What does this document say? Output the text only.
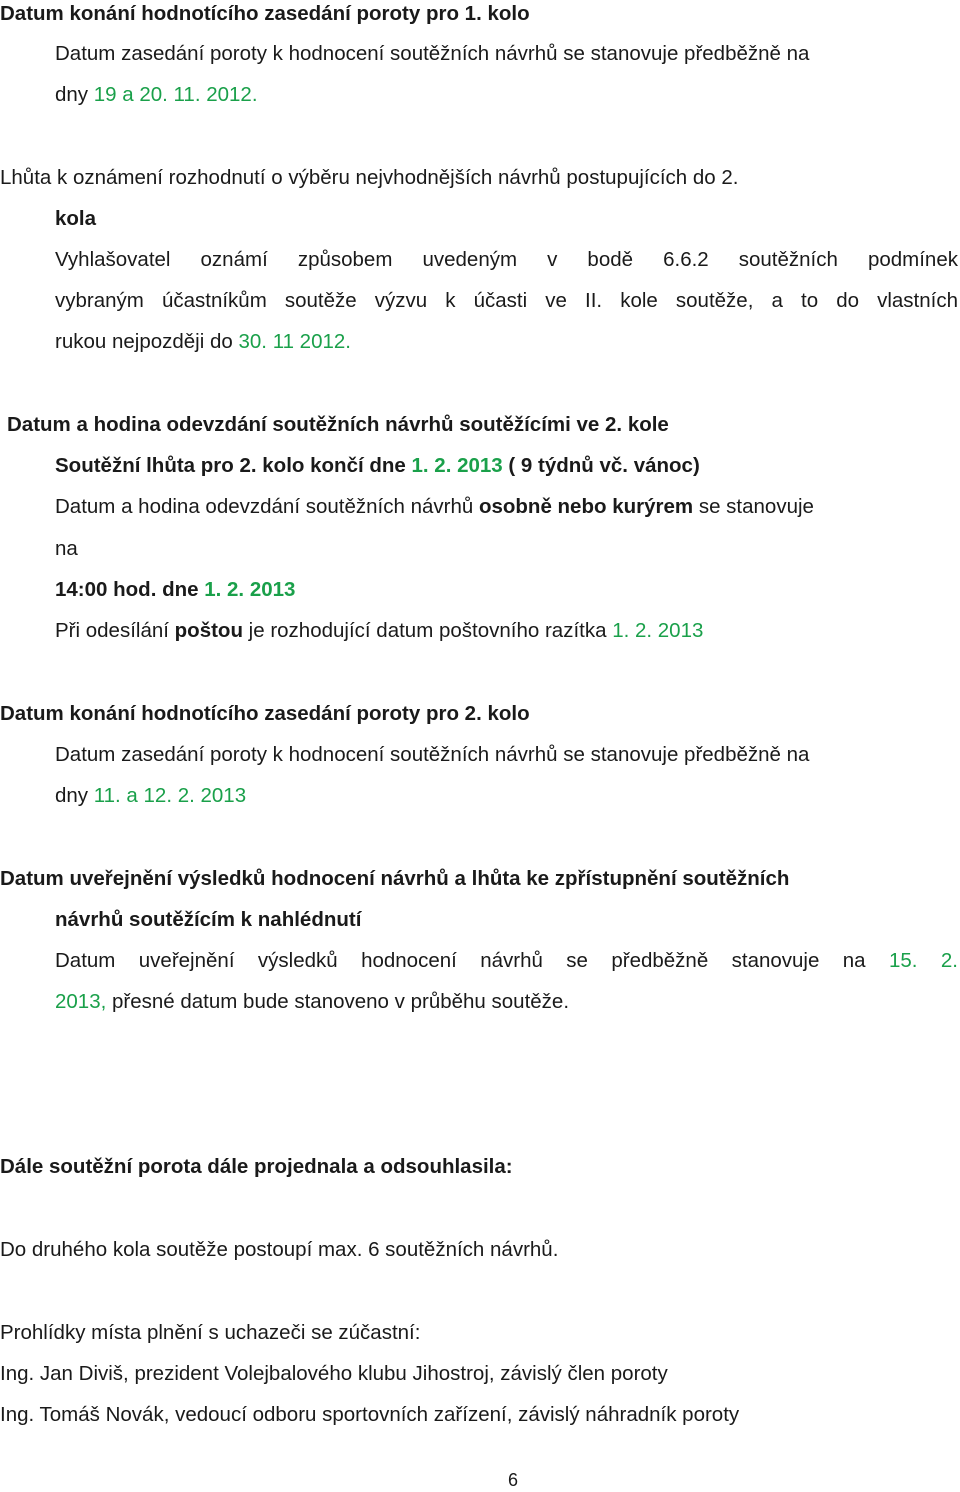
Datum konání hodnotícího zasedání poroty pro 1. kolo
Datum zasedání poroty k hodnocení soutěžních návrhů se stanovuje předběžně na
dny 19 a 20. 11. 2012.
Lhůta k oznámení rozhodnutí o výběru nejvhodnějších návrhů postupujících do 2.
kola
Vyhlašovatel oznámí způsobem uvedeným v bodě 6.6.2 soutěžních podmínek
vybraným účastníkům soutěže výzvu k účasti ve II. kole soutěže, a to do vlastních
rukou nejpozději do 30. 11 2012.
Datum a hodina odevzdání soutěžních návrhů soutěžícími ve 2. kole
Soutěžní lhůta pro 2. kolo končí dne 1. 2. 2013 ( 9 týdnů vč. vánoc)
Datum a hodina odevzdání soutěžních návrhů osobně nebo kurýrem se stanovuje
na
14:00 hod. dne 1. 2. 2013
Při odesílání poštou je rozhodující datum poštovního razítka 1. 2. 2013
Datum konání hodnotícího zasedání poroty pro 2. kolo
Datum zasedání poroty k hodnocení soutěžních návrhů se stanovuje předběžně na
dny 11. a 12. 2. 2013
Datum uveřejnění výsledků hodnocení návrhů a lhůta ke zpřístupnění soutěžních
návrhů soutěžícím k nahlédnutí
Datum uveřejnění výsledků hodnocení návrhů se předběžně stanovuje na 15. 2.
2013, přesné datum bude stanoveno v průběhu soutěže.
Dále soutěžní porota dále projednala a odsouhlasila:
Do druhého kola soutěže postoupí max. 6 soutěžních návrhů.
Prohlídky místa plnění s uchazeči se zúčastní:
Ing. Jan Diviš, prezident Volejbalového klubu Jihostroj, závislý člen poroty
Ing. Tomáš Novák, vedoucí odboru sportovních zařízení, závislý náhradník poroty
6
